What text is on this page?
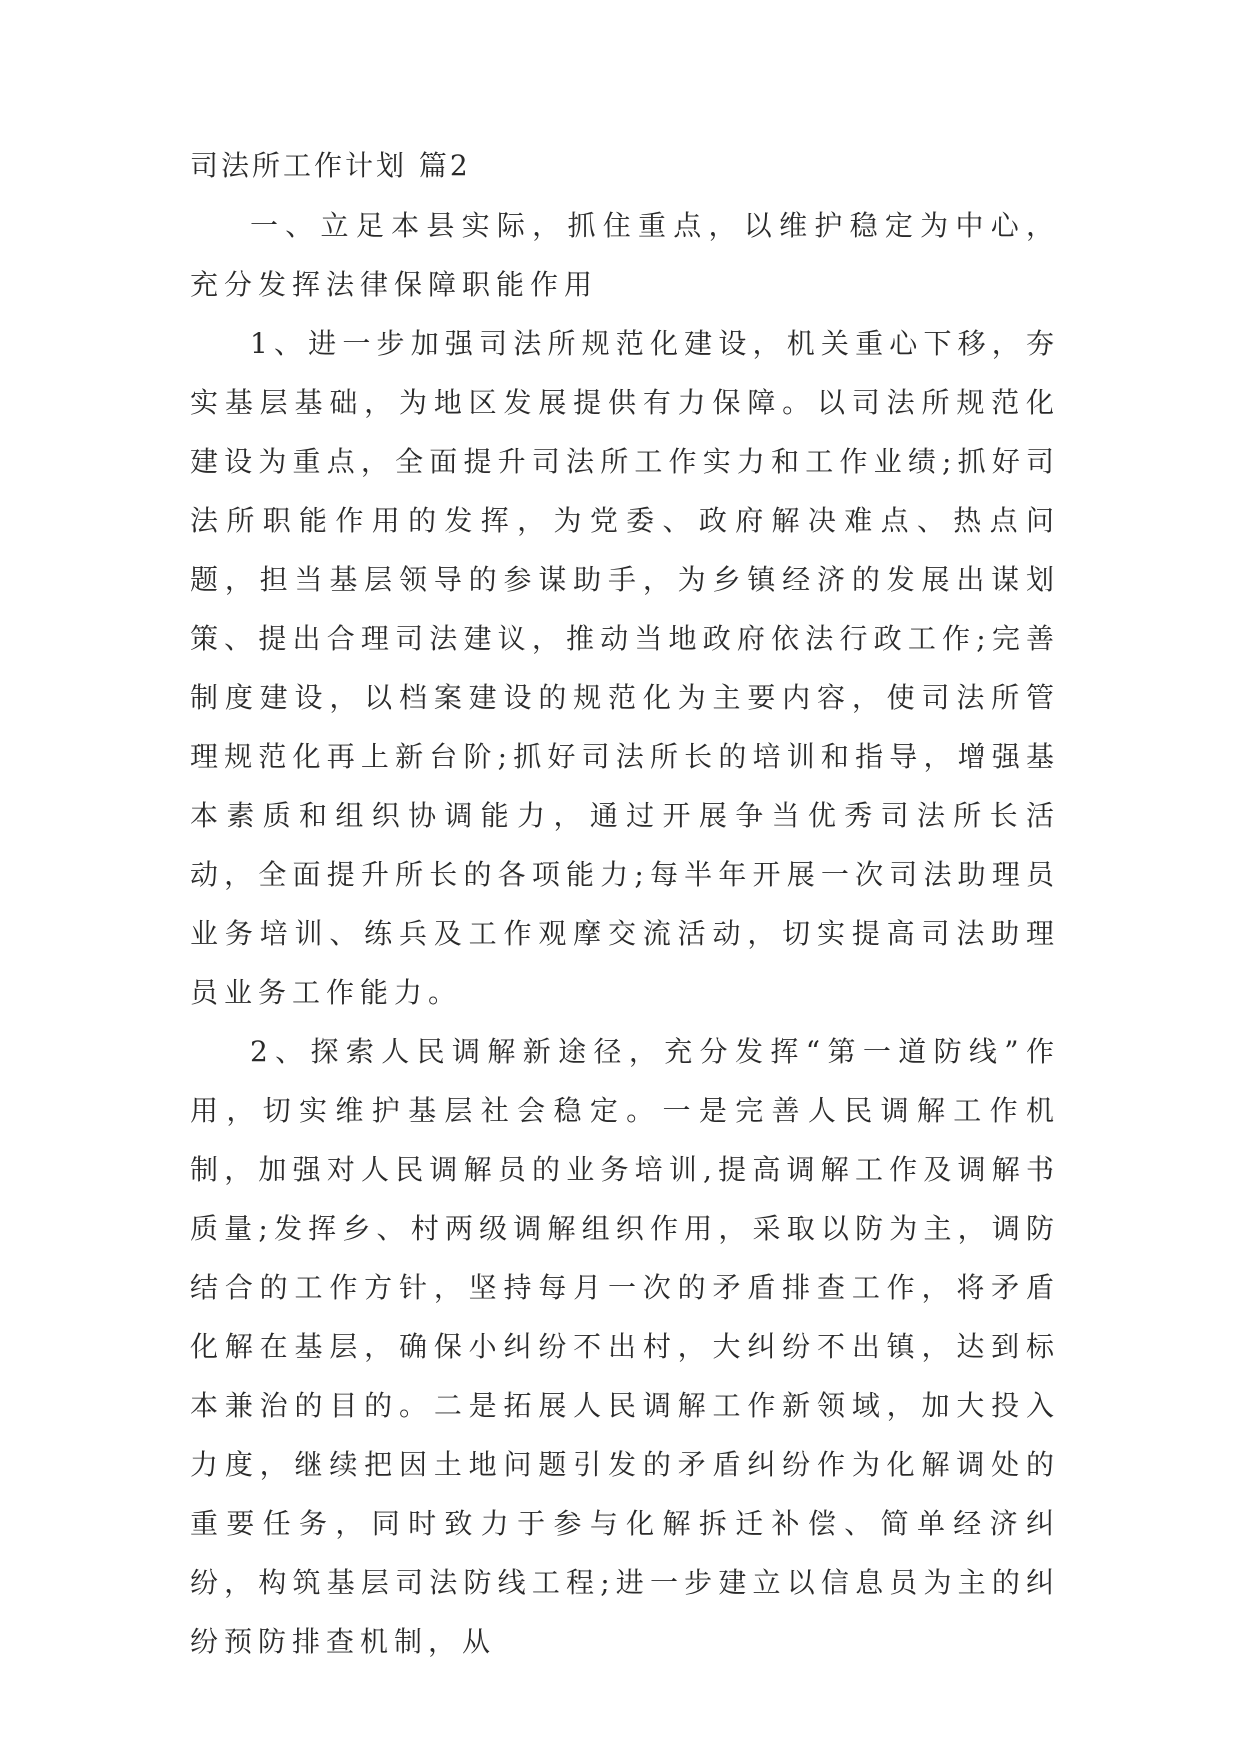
司法所工作计划 篇2

一、立足本县实际，抓住重点，以维护稳定为中心，充分发挥法律保障职能作用

1、进一步加强司法所规范化建设，机关重心下移，夯实基层基础，为地区发展提供有力保障。以司法所规范化建设为重点，全面提升司法所工作实力和工作业绩;抓好司法所职能作用的发挥，为党委、政府解决难点、热点问题，担当基层领导的参谋助手，为乡镇经济的发展出谋划策、提出合理司法建议，推动当地政府依法行政工作;完善制度建设，以档案建设的规范化为主要内容，使司法所管理规范化再上新台阶;抓好司法所长的培训和指导，增强基本素质和组织协调能力，通过开展争当优秀司法所长活动，全面提升所长的各项能力;每半年开展一次司法助理员业务培训、练兵及工作观摩交流活动，切实提高司法助理员业务工作能力。

2、探索人民调解新途径，充分发挥“第一道防线”作用，切实维护基层社会稳定。一是完善人民调解工作机制，加强对人民调解员的业务培训,提高调解工作及调解书质量;发挥乡、村两级调解组织作用，采取以防为主，调防结合的工作方针，坚持每月一次的矛盾排查工作，将矛盾化解在基层，确保小纠纷不出村，大纠纷不出镇，达到标本兼治的目的。二是拓展人民调解工作新领域，加大投入力度，继续把因土地问题引发的矛盾纠纷作为化解调处的重要任务，同时致力于参与化解拆迁补偿、简单经济纠纷，构筑基层司法防线工程;进一步建立以信息员为主的纠纷预防排查机制，从
